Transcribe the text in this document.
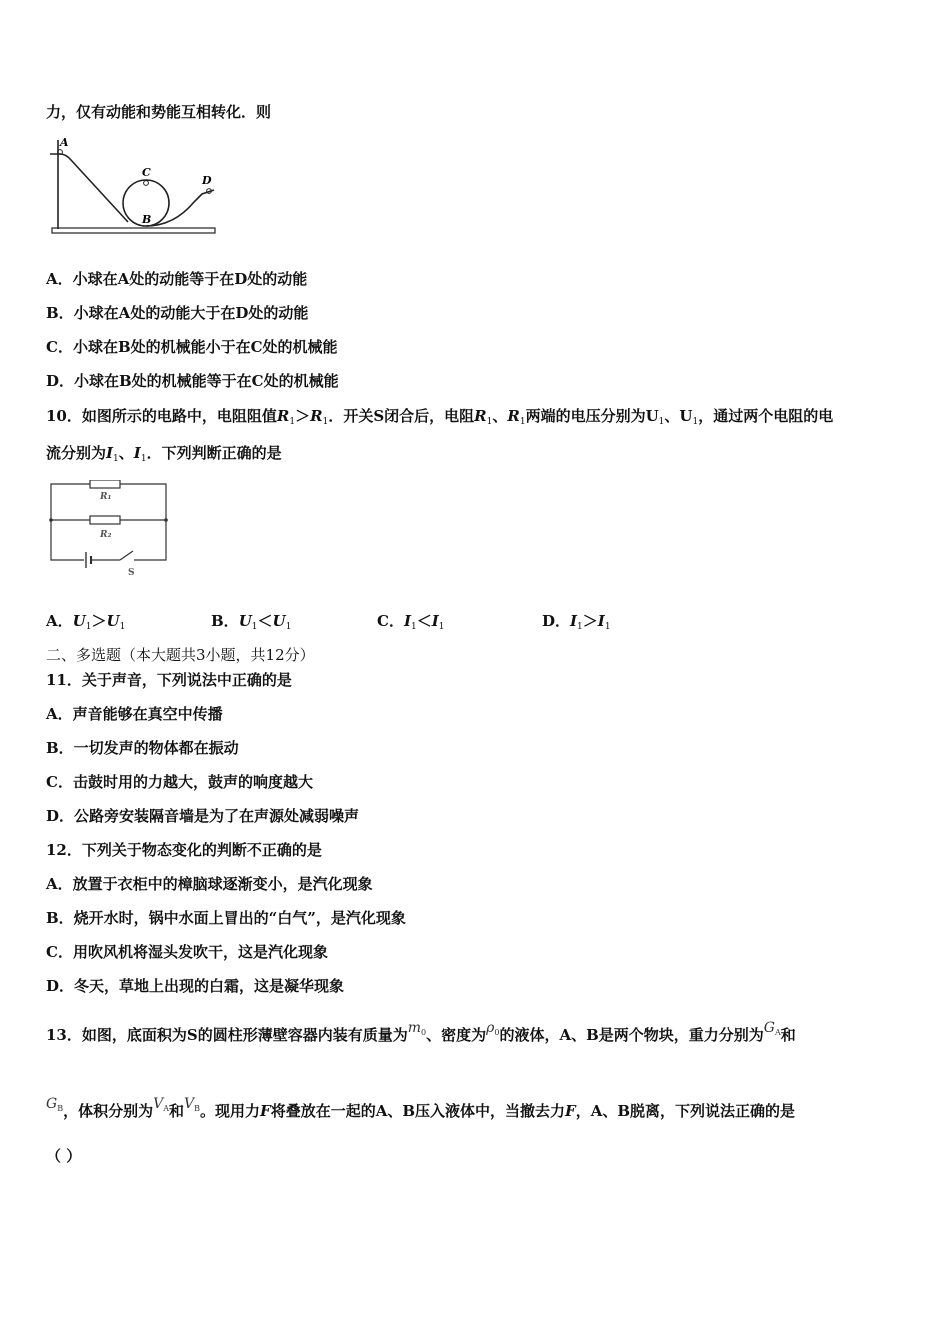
力，仅有动能和势能互相转化．则
A
C
B
D
A．小球在A处的动能等于在D处的动能
B．小球在A处的动能大于在D处的动能
C．小球在B处的机械能小于在C处的机械能
D．小球在B处的机械能等于在C处的机械能
10．如图所示的电路中，电阻阻值$R_1>R_1$．开关S闭合后，电阻$R_1$、$R_1$两端的电压分别为$U_1$、$U_1$，通过两个电阻的电
流分别为$I_1$、$I_1$．下列判断正确的是
R₁
R₂
S
A．$U_1>U_1$	B．$U_1<U_1$	C．$I_1<I_1$	D．$I_1>I_1$
二、多选题（本大题共3小题，共12分）
11．关于声音，下列说法中正确的是
A．声音能够在真空中传播
B．一切发声的物体都在振动
C．击鼓时用的力越大，鼓声的响度越大
D．公路旁安装隔音墙是为了在声源处减弱噪声
12．下列关于物态变化的判断不正确的是
A．放置于衣柜中的樟脑球逐渐变小，是汽化现象
B．烧开水时，锅中水面上冒出的“白气”，是汽化现象
C．用吹风机将湿头发吹干，这是汽化现象
D．冬天，草地上出现的白霜，这是凝华现象
13．如图，底面积为S的圆柱形薄壁容器内装有质量为$m_0$、密度为$\rho_0$的液体，A、B是两个物块，重力分别为$G_A$和
$G_B$，体积分别为$V_A$和$V_B$。现用力F将叠放在一起的A、B压入液体中，当撤去力F，A、B脱离，下列说法正确的是
（ ）
